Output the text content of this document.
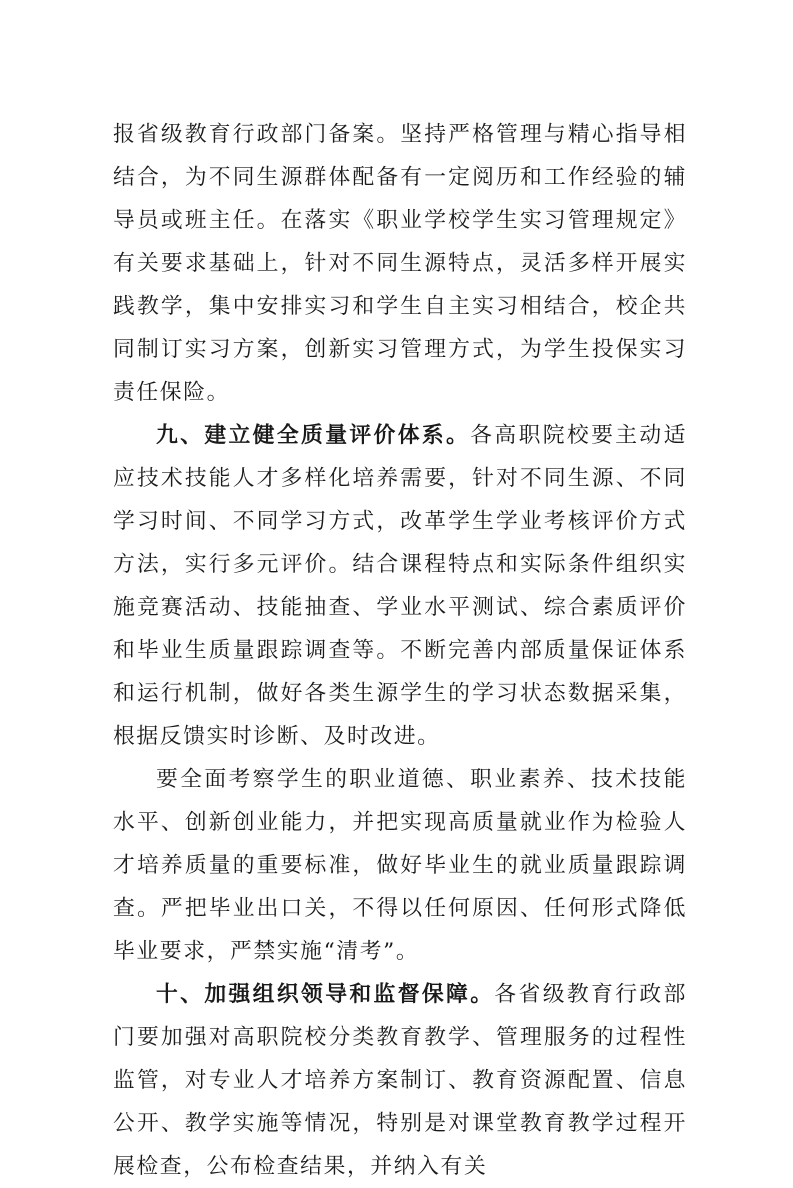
报省级教育行政部门备案。坚持严格管理与精心指导相结合，为不同生源群体配备有一定阅历和工作经验的辅导员或班主任。在落实《职业学校学生实习管理规定》有关要求基础上，针对不同生源特点，灵活多样开展实践教学，集中安排实习和学生自主实习相结合，校企共同制订实习方案，创新实习管理方式，为学生投保实习责任保险。

九、建立健全质量评价体系。各高职院校要主动适应技术技能人才多样化培养需要，针对不同生源、不同学习时间、不同学习方式，改革学生学业考核评价方式方法，实行多元评价。结合课程特点和实际条件组织实施竞赛活动、技能抽查、学业水平测试、综合素质评价和毕业生质量跟踪调查等。不断完善内部质量保证体系和运行机制，做好各类生源学生的学习状态数据采集，根据反馈实时诊断、及时改进。

要全面考察学生的职业道德、职业素养、技术技能水平、创新创业能力，并把实现高质量就业作为检验人才培养质量的重要标准，做好毕业生的就业质量跟踪调查。严把毕业出口关，不得以任何原因、任何形式降低毕业要求，严禁实施“清考”。

十、加强组织领导和监督保障。各省级教育行政部门要加强对高职院校分类教育教学、管理服务的过程性监管，对专业人才培养方案制订、教育资源配置、信息公开、教学实施等情况，特别是对课堂教育教学过程开展检查，公布检查结果，并纳入有关
